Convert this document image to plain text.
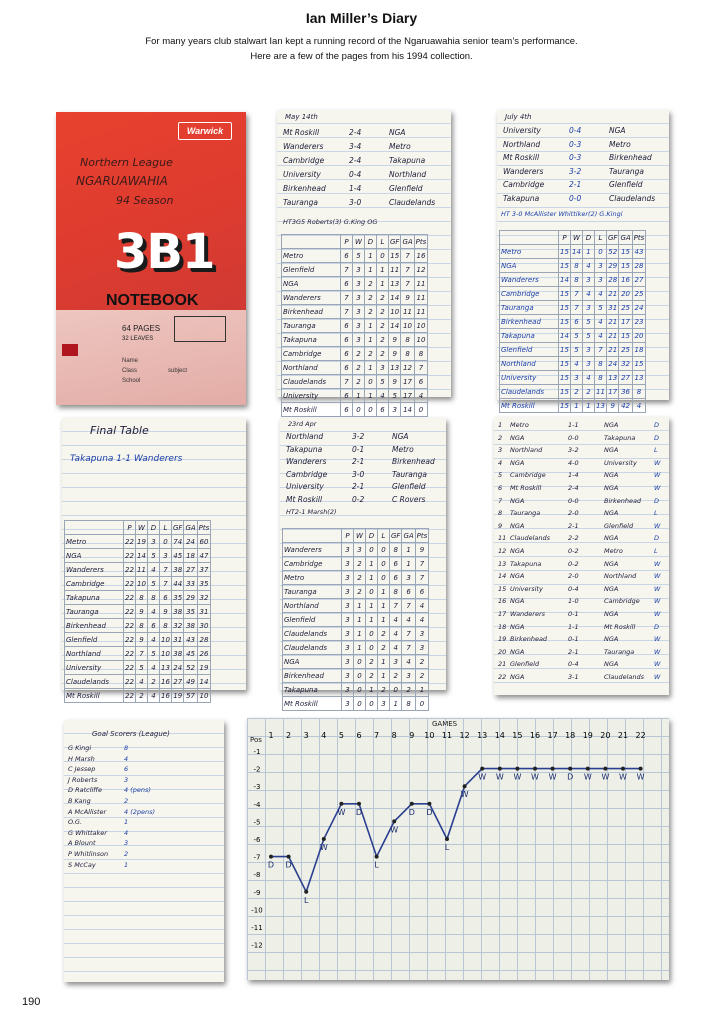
Ian Miller’s Diary
For many years club stalwart Ian kept a running record of the Ngaruawahia senior team’s performance.
Here are a few of the pages from his 1994 collection.
Warwick
Northern League
NGARUAWAHIA
94 Season
3B1
NOTEBOOK
64 PAGES
32 LEAVES
Name
Class	subject
School
May 14th
Mt Roskill	2-4	NGA
Wanderers	3-4	Metro
Cambridge	2-4	Takapuna
University	0-4	Northland
Birkenhead	1-4	Glenfield
Tauranga	3-0	Claudelands
HT3G5 Roberts(3) G.King OG
	P	W	D	L	GF	GA	Pts
Metro	6	5	1	0	15	7	16
Glenfield	7	3	1	1	11	7	12
NGA	6	3	2	1	13	7	11
Wanderers	7	3	2	2	14	9	11
Birkenhead	7	3	2	2	10	11	11
Tauranga	6	3	1	2	14	10	10
Takapuna	6	3	1	2	9	8	10
Cambridge	6	2	2	2	9	8	8
Northland	6	2	1	3	13	12	7
Claudelands	7	2	0	5	9	17	6
University	6	1	1	4	5	17	4
Mt Roskill	6	0	0	6	3	14	0
July 4th
University	0-4	NGA
Northland	0-3	Metro
Mt Roskill	0-3	Birkenhead
Wanderers	3-2	Tauranga
Cambridge	2-1	Glenfield
Takapuna	0-0	Claudelands
HT 3-0 McAllister Whittiker(2) G.Kingi
	P	W	D	L	GF	GA	Pts
Metro	15	14	1	0	52	15	43
NGA	15	8	4	3	29	15	28
Wanderers	14	8	3	3	28	16	27
Cambridge	15	7	4	4	21	20	25
Tauranga	15	7	3	5	31	25	24
Birkenhead	15	6	5	4	21	17	23
Takapuna	14	5	5	4	21	15	20
Glenfield	15	5	3	7	21	25	18
Northland	15	4	3	8	24	32	15
University	15	3	4	8	13	27	13
Claudelands	15	2	2	11	17	36	8
Mt Roskill	15	1	1	13	9	42	4
Final Table
Takapuna 1-1 Wanderers
	P	W	D	L	GF	GA	Pts
Metro	22	19	3	0	74	24	60
NGA	22	14	5	3	45	18	47
Wanderers	22	11	4	7	38	27	37
Cambridge	22	10	5	7	44	33	35
Takapuna	22	8	8	6	35	29	32
Tauranga	22	9	4	9	38	35	31
Birkenhead	22	8	6	8	32	38	30
Glenfield	22	9	4	10	31	43	28
Northland	22	7	5	10	38	45	26
University	22	5	4	13	24	52	19
Claudelands	22	4	2	16	27	49	14
Mt Roskill	22	2	4	16	19	57	10
23rd Apr
Northland	3-2	NGA
Takapuna	0-1	Metro
Wanderers	2-1	Birkenhead
Cambridge	3-0	Tauranga
University	2-1	Glenfield
Mt Roskill	0-2	C Rovers
HT2-1 Marsh(2)
	P	W	D	L	GF	GA	Pts
Wanderers	3	3	0	0	8	1	9
Cambridge	3	2	1	0	6	1	7
Metro	3	2	1	0	6	3	7
Tauranga	3	2	0	1	8	6	6
Northland	3	1	1	1	7	7	4
Glenfield	3	1	1	1	4	4	4
Claudelands	3	1	0	2	4	7	3
Claudelands	3	1	0	2	4	7	3
NGA	3	0	2	1	3	4	2
Birkenhead	3	0	2	1	2	3	2
Takapuna	3	0	1	2	0	2	1
Mt Roskill	3	0	0	3	1	8	0
1 Metro	1-1	NGA	D
2 NGA	0-0	Takapuna	D
3 Northland	3-2	NGA	L
4 NGA	4-0	University	W
5 Cambridge	1-4	NGA	W
6 Mt Roskill	2-4	NGA	W
7 NGA	0-0	Birkenhead D
8 Tauranga	2-0	NGA	L
9 NGA	2-1	Glenfield	W
11 Claudelands	2-2	NGA	D
12 NGA	0-2	Metro	L
13 Takapuna	0-2	NGA	W
14 NGA	2-0	Northland	W
15 University	0-4	NGA	W
16 NGA	1-0	Cambridge W
17 Wanderers	0-1	NGA	W
18 NGA	1-1	Mt Roskill	D
19 Birkenhead	0-1	NGA	W
20 NGA	2-1	Tauranga	W
21 Glenfield	0-4	NGA	W
22 NGA	3-1	Claudelands W
Goal Scorers (League)
G Kingi	8
H Marsh	4
C Jessep	6
J Roberts	3
D Ratcliffe	4 (pens)
B Kang	2
A McAllister	4 (2pens)
O.G.	1
G Whittaker	4
A Blount	3
P Whitlinson 2
S McCay	1
GAMES
Pos 1 2 3 4 5 6 7 8 9 10 11 12 13 14 15 16 17 18 19 20 21 22
-1
-2
-3
-4
-5
-6
-7
-8
-9
-10
-11
-12
D D
L
W
W D
L
W
D D
L
W
W W W W W D W W W W
190
